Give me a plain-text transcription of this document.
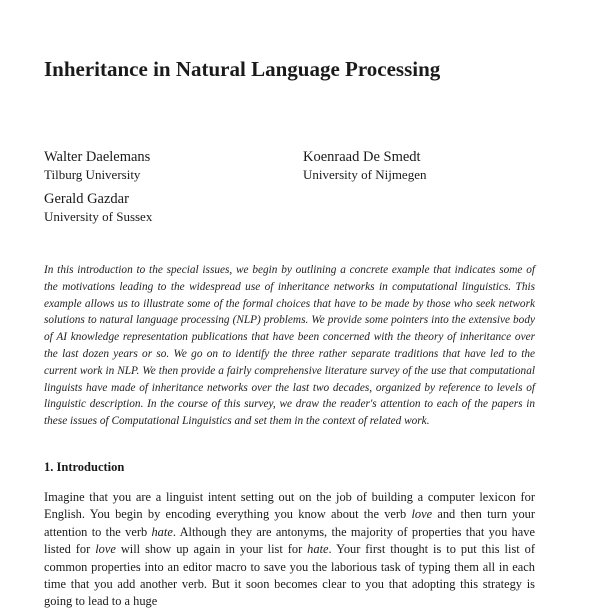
Inheritance in Natural Language Processing
Walter Daelemans
Tilburg University
Koenraad De Smedt
University of Nijmegen
Gerald Gazdar
University of Sussex

In this introduction to the special issues, we begin by outlining a concrete example that indicates some of the motivations leading to the widespread use of inheritance networks in computational linguistics. This example allows us to illustrate some of the formal choices that have to be made by those who seek network solutions to natural language processing (NLP) problems. We provide some pointers into the extensive body of AI knowledge representation publications that have been concerned with the theory of inheritance over the last dozen years or so. We go on to identify the three rather separate traditions that have led to the current work in NLP. We then provide a fairly comprehensive literature survey of the use that computational linguists have made of inheritance networks over the last two decades, organized by reference to levels of linguistic description. In the course of this survey, we draw the reader's attention to each of the papers in these issues of Computational Linguistics and set them in the context of related work.

1. Introduction

Imagine that you are a linguist intent setting out on the job of building a computer lexicon for English. You begin by encoding everything you know about the verb love and then turn your attention to the verb hate. Although they are antonyms, the majority of properties that you have listed for love will show up again in your list for hate. Your first thought is to put this list of common properties into an editor macro to save you the laborious task of typing them all in each time that you add another verb. But it soon becomes clear to you that adopting this strategy is going to lead to a huge
